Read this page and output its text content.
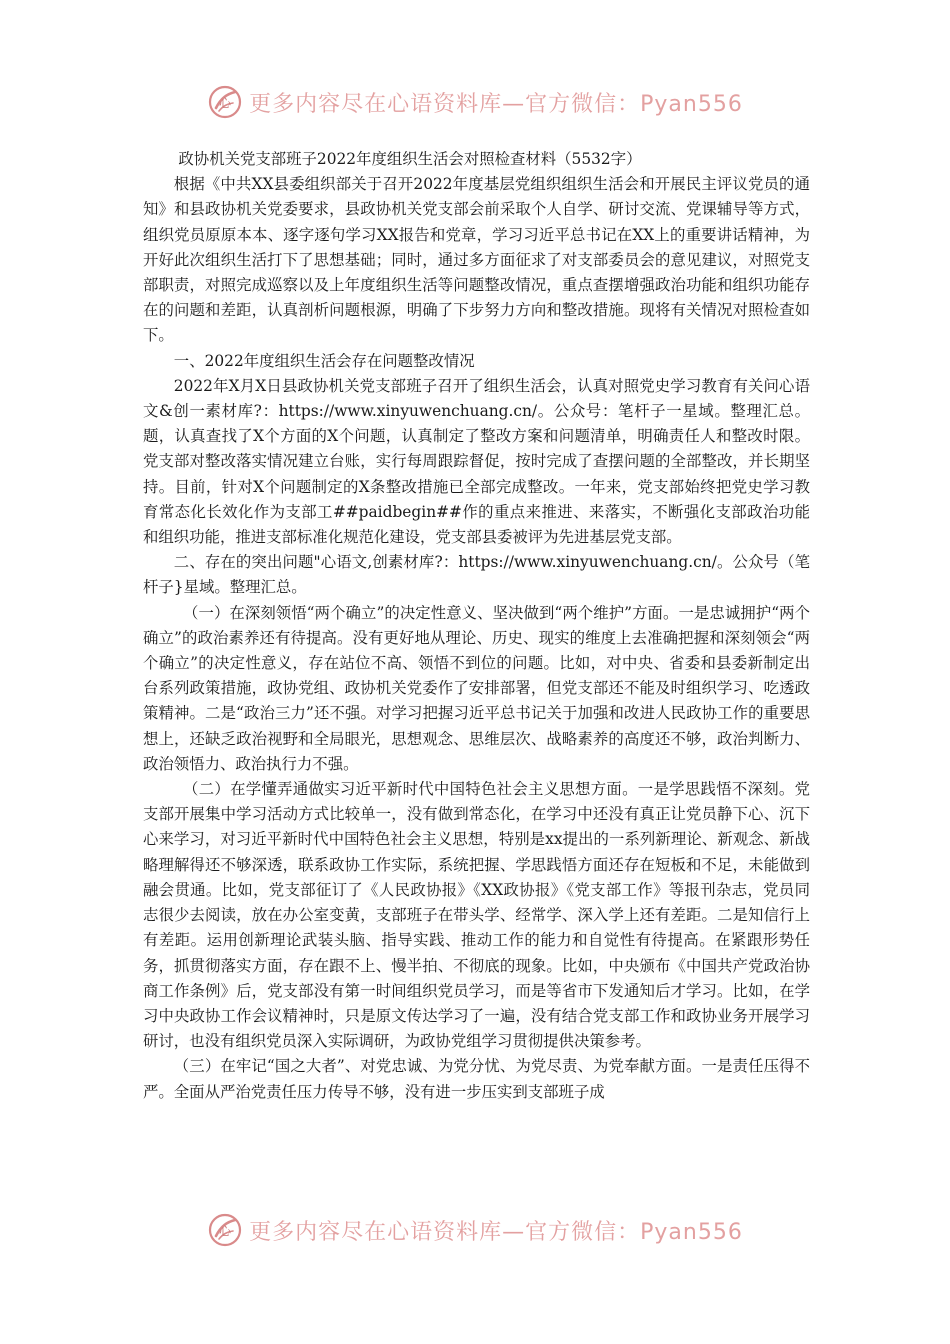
心 更多内容尽在心语资料库—官方微信：Pyan556

政协机关党支部班子2022年度组织生活会对照检查材料（5532字）

根据《中共XX县委组织部关于召开2022年度基层党组织组织生活会和开展民主评议党员的通知》和县政协机关党委要求，县政协机关党支部会前采取个人自学、研讨交流、党课辅导等方式，组织党员原原本本、逐字逐句学习XX报告和党章，学习习近平总书记在XX上的重要讲话精神，为开好此次组织生活打下了思想基础；同时，通过多方面征求了对支部委员会的意见建议，对照党支部职责，对照完成巡察以及上年度组织生活等问题整改情况，重点查摆增强政治功能和组织功能存在的问题和差距，认真剖析问题根源，明确了下步努力方向和整改措施。现将有关情况对照检查如下。

一、2022年度组织生活会存在问题整改情况

2022年X月X日县政协机关党支部班子召开了组织生活会，认真对照党史学习教育有关问心语文&创一素材库?：https://www.xinyuwenchuang.cn/。公众号：笔杆子一星域。整理汇总。题，认真查找了X个方面的X个问题，认真制定了整改方案和问题清单，明确责任人和整改时限。党支部对整改落实情况建立台账，实行每周跟踪督促，按时完成了查摆问题的全部整改，并长期坚持。目前，针对X个问题制定的X条整改措施已全部完成整改。一年来，党支部始终把党史学习教育常态化长效化作为支部工##paidbegin##作的重点来推进、来落实，不断强化支部政治功能和组织功能，推进支部标准化规范化建设，党支部县委被评为先进基层党支部。

二、存在的突出问题"心语文,创素材库?：https://www.xinyuwenchuang.cn/。公众号（笔杆子}星域。整理汇总。

（一）在深刻领悟“两个确立”的决定性意义、坚决做到“两个维护”方面。一是忠诚拥护“两个确立”的政治素养还有待提高。没有更好地从理论、历史、现实的维度上去准确把握和深刻领会“两个确立”的决定性意义，存在站位不高、领悟不到位的问题。比如，对中央、省委和县委新制定出台系列政策措施，政协党组、政协机关党委作了安排部署，但党支部还不能及时组织学习、吃透政策精神。二是“政治三力”还不强。对学习把握习近平总书记关于加强和改进人民政协工作的重要思想上，还缺乏政治视野和全局眼光，思想观念、思维层次、战略素养的高度还不够，政治判断力、政治领悟力、政治执行力不强。

（二）在学懂弄通做实习近平新时代中国特色社会主义思想方面。一是学思践悟不深刻。党支部开展集中学习活动方式比较单一，没有做到常态化，在学习中还没有真正让党员静下心、沉下心来学习，对习近平新时代中国特色社会主义思想，特别是xx提出的一系列新理论、新观念、新战略理解得还不够深透，联系政协工作实际，系统把握、学思践悟方面还存在短板和不足，未能做到融会贯通。比如，党支部征订了《人民政协报》《XX政协报》《党支部工作》等报刊杂志，党员同志很少去阅读，放在办公室变黄，支部班子在带头学、经常学、深入学上还有差距。二是知信行上有差距。运用创新理论武装头脑、指导实践、推动工作的能力和自觉性有待提高。在紧跟形势任务，抓贯彻落实方面，存在跟不上、慢半拍、不彻底的现象。比如，中央颁布《中国共产党政治协商工作条例》后，党支部没有第一时间组织党员学习，而是等省市下发通知后才学习。比如，在学习中央政协工作会议精神时，只是原文传达学习了一遍，没有结合党支部工作和政协业务开展学习研讨，也没有组织党员深入实际调研，为政协党组学习贯彻提供决策参考。

（三）在牢记“国之大者”、对党忠诚、为党分忧、为党尽责、为党奉献方面。一是责任压得不严。全面从严治党责任压力传导不够，没有进一步压实到支部班子成

心 更多内容尽在心语资料库—官方微信：Pyan556
